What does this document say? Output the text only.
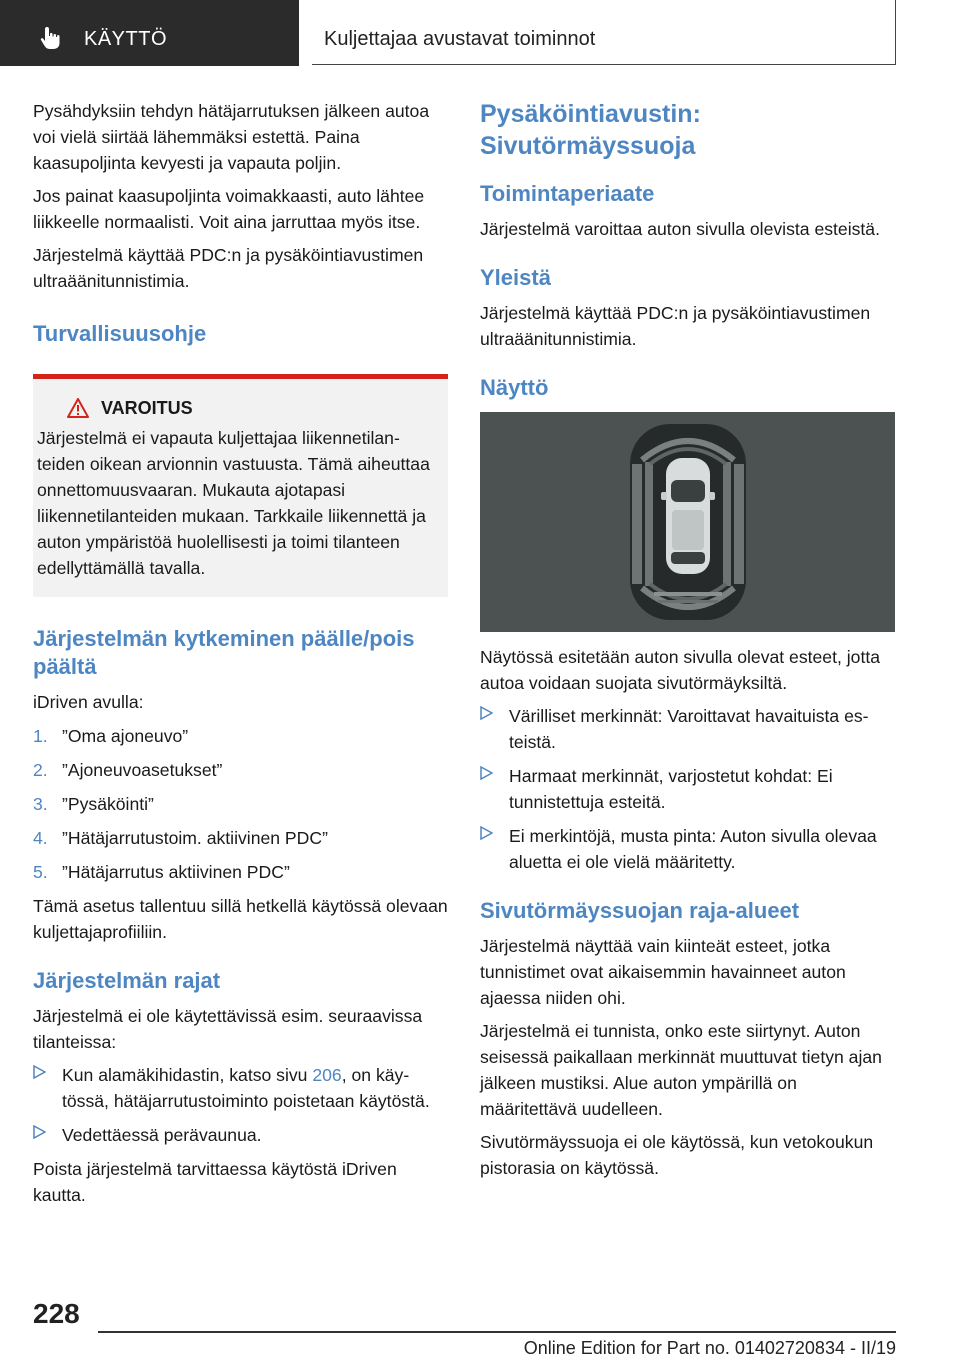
KÄYTTÖ	Kuljettajaa avustavat toiminnot

Pysähdyksiin tehdyn hätäjarrutuksen jälkeen autoa voi vielä siirtää lähemmäksi estettä. Paina kaasupoljinta kevyesti ja vapauta poljin.

Jos painat kaasupoljinta voimakkaasti, auto lähtee liikkeelle normaalisti. Voit aina jarruttaa myös itse.

Järjestelmä käyttää PDC:n ja pysäköintiavustimen ultraäänitunnistimia.

Turvallisuusohje
VAROITUS
Järjestelmä ei vapauta kuljettajaa liikennetilanteiden oikean arvionnin vastuusta. Tämä aiheuttaa onnettomuusvaaran. Mukauta ajotapasi liikennetilanteiden mukaan. Tarkkaile liikennettä ja auton ympäristöä huolellisesti ja toimi tilanteen edellyttämällä tavalla.
Järjestelmän kytkeminen päälle/pois päältä

iDriven avulla:

1. ”Oma ajoneuvo”
2. ”Ajoneuvoasetukset”
3. ”Pysäköinti”
4. ”Hätäjarrutustoim. aktiivinen PDC”
5. ”Hätäjarrutus aktiivinen PDC”

Tämä asetus tallentuu sillä hetkellä käytössä olevaan kuljettajaprofiiliin.

Järjestelmän rajat

Järjestelmä ei ole käytettävissä esim. seuraavissa tilanteissa:

Kun alamäkihidastin, katso sivu 206, on käytössä, hätäjarrutustoiminto poistetaan käytöstä.
Vedettäessä perävaunua.

Poista järjestelmä tarvittaessa käytöstä iDriven kautta.

Pysäköintiavustin: Sivutörmäyssuoja
Toimintaperiaate

Järjestelmä varoittaa auton sivulla olevista esteistä.

Yleistä

Järjestelmä käyttää PDC:n ja pysäköintiavustimen ultraäänitunnistimia.

Näyttö

Näytössä esitetään auton sivulla olevat esteet, jotta autoa voidaan suojata sivutörmäyksiltä.

Värilliset merkinnät: Varoittavat havaituista esteistä.
Harmaat merkinnät, varjostetut kohdat: Ei tunnistettuja esteitä.
Ei merkintöjä, musta pinta: Auton sivulla olevaa aluetta ei ole vielä määritetty.
Sivutörmäyssuojan raja-alueet

Järjestelmä näyttää vain kiinteät esteet, jotka tunnistimet ovat aikaisemmin havainneet auton ajaessa niiden ohi.

Järjestelmä ei tunnista, onko este siirtynyt. Auton seisessä paikallaan merkinnät muuttuvat tietyn ajan jälkeen mustiksi. Alue auton ympärillä on määritettävä uudelleen.

Sivutörmäyssuoja ei ole käytössä, kun vetokoukun pistorasia on käytössä.

228
Online Edition for Part no. 01402720834 - II/19
